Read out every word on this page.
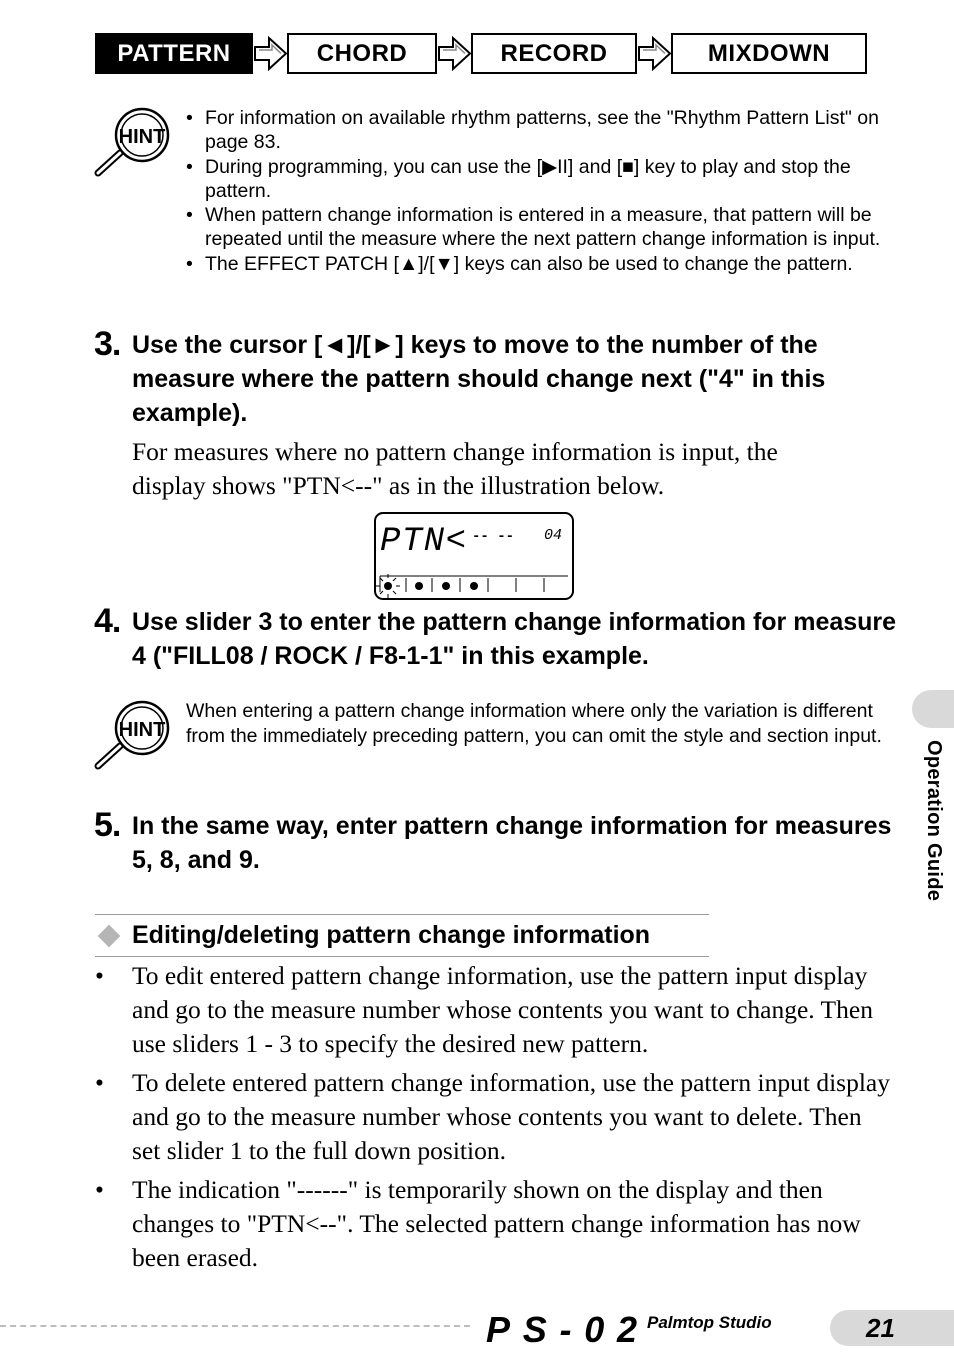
PATTERN	CHORD	RECORD	MIXDOWN
HINT
• For information on available rhythm patterns, see the "Rhythm Pattern List" on page 83.
• During programming, you can use the [▶II] and [■] key to play and stop the pattern.
• When pattern change information is entered in a measure, that pattern will be repeated until the measure where the next pattern change information is input.
• The EFFECT PATCH [▲]/[▼] keys can also be used to change the pattern.
3. Use the cursor [◄]/[►] keys to move to the number of the measure where the pattern should change next ("4" in this example).
For measures where no pattern change information is input, the display shows "PTN<--" as in the illustration below.
PTN< -- -- 04
4. Use slider 3 to enter the pattern change information for measure 4 ("FILL08 / ROCK / F8-1-1" in this example.
HINT
When entering a pattern change information where only the variation is different from the immediately preceding pattern, you can omit the style and section input.
5. In the same way, enter pattern change information for measures 5, 8, and 9.
Editing/deleting pattern change information
• To edit entered pattern change information, use the pattern input display and go to the measure number whose contents you want to change. Then use sliders 1 - 3 to specify the desired new pattern.
• To delete entered pattern change information, use the pattern input display and go to the measure number whose contents you want to delete. Then set slider 1 to the full down position.
• The indication "------" is temporarily shown on the display and then changes to "PTN<--". The selected pattern change information has now been erased.
Operation Guide
PS-02 Palmtop Studio	21
